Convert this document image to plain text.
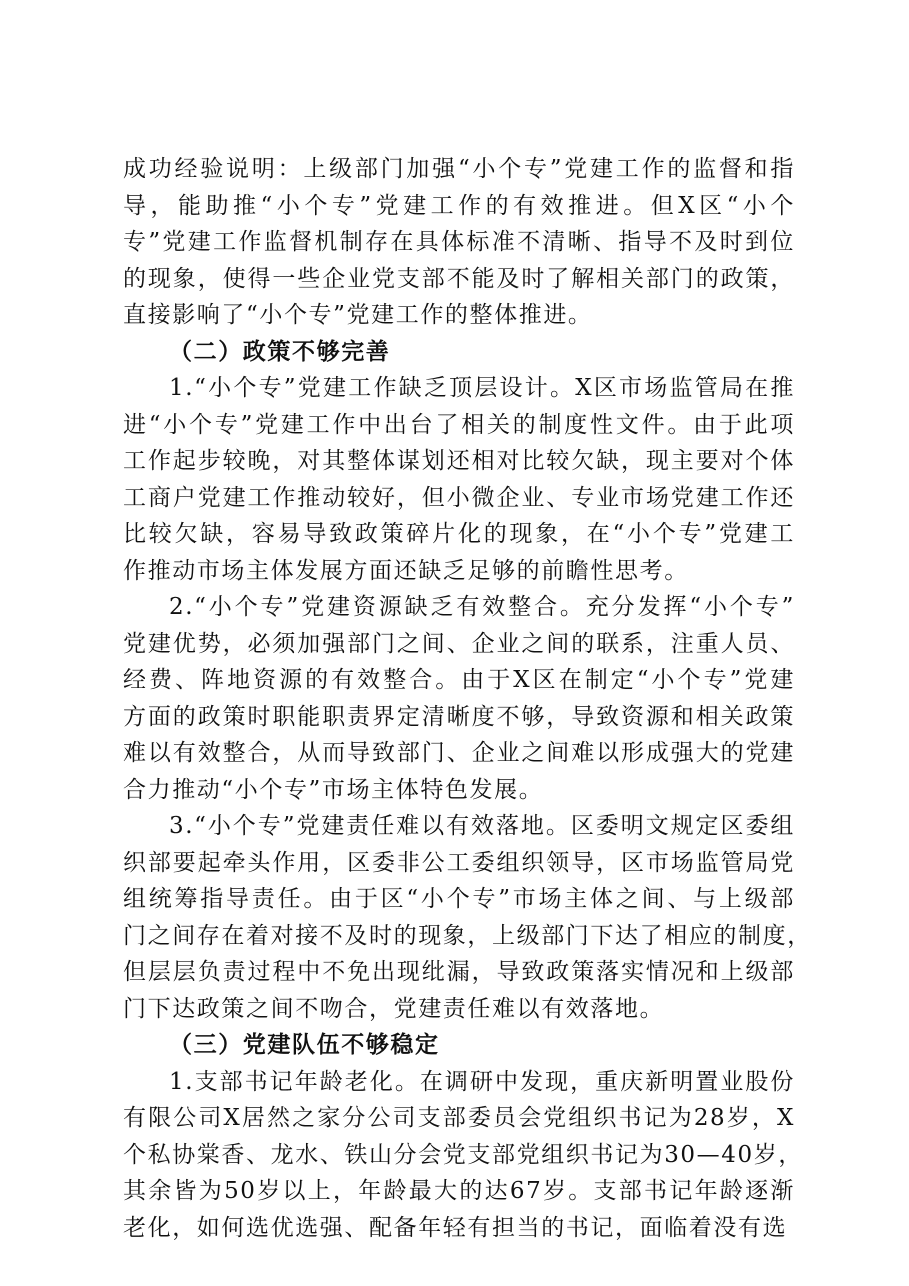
成功经验说明：上级部门加强“小个专”党建工作的监督和指
导，能助推“小个专”党建工作的有效推进。但X区“小个
专”党建工作监督机制存在具体标准不清晰、指导不及时到位
的现象，使得一些企业党支部不能及时了解相关部门的政策，
直接影响了“小个专”党建工作的整体推进。
（二）政策不够完善
1.“小个专”党建工作缺乏顶层设计。X区市场监管局在推
进“小个专”党建工作中出台了相关的制度性文件。由于此项
工作起步较晚，对其整体谋划还相对比较欠缺，现主要对个体
工商户党建工作推动较好，但小微企业、专业市场党建工作还
比较欠缺，容易导致政策碎片化的现象，在“小个专”党建工
作推动市场主体发展方面还缺乏足够的前瞻性思考。
2.“小个专”党建资源缺乏有效整合。充分发挥“小个专”
党建优势，必须加强部门之间、企业之间的联系，注重人员、
经费、阵地资源的有效整合。由于X区在制定“小个专”党建
方面的政策时职能职责界定清晰度不够，导致资源和相关政策
难以有效整合，从而导致部门、企业之间难以形成强大的党建
合力推动“小个专”市场主体特色发展。
3.“小个专”党建责任难以有效落地。区委明文规定区委组
织部要起牵头作用，区委非公工委组织领导，区市场监管局党
组统筹指导责任。由于区“小个专”市场主体之间、与上级部
门之间存在着对接不及时的现象，上级部门下达了相应的制度，
但层层负责过程中不免出现纰漏，导致政策落实情况和上级部
门下达政策之间不吻合，党建责任难以有效落地。
（三）党建队伍不够稳定
1.支部书记年龄老化。在调研中发现，重庆新明置业股份
有限公司X居然之家分公司支部委员会党组织书记为28岁，X
个私协棠香、龙水、铁山分会党支部党组织书记为30—40岁，
其余皆为50岁以上，年龄最大的达67岁。支部书记年龄逐渐
老化，如何选优选强、配备年轻有担当的书记，面临着没有选
